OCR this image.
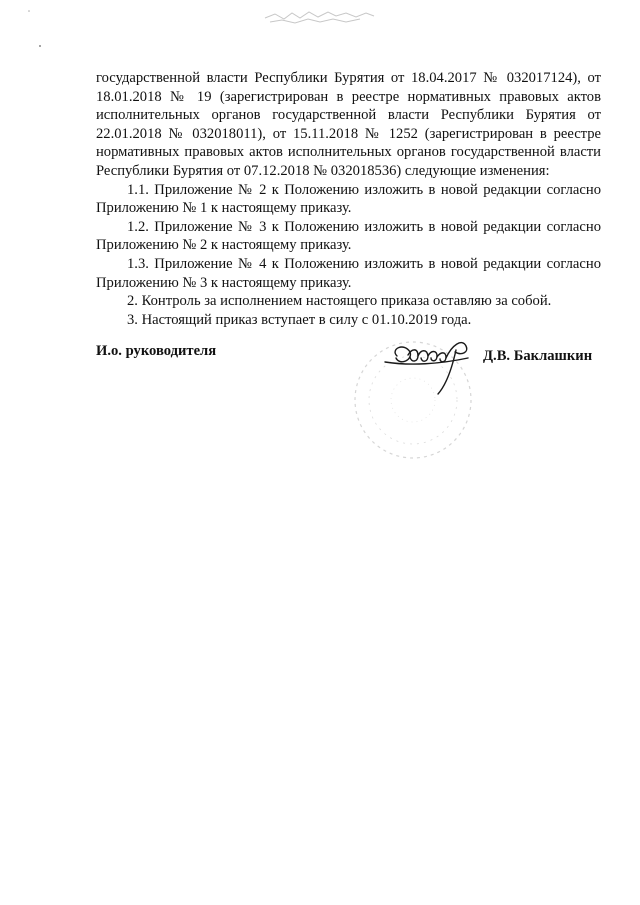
государственной власти Республики Бурятия от 18.04.2017 № 032017124), от 18.01.2018 № 19 (зарегистрирован в реестре нормативных правовых актов исполнительных органов государственной власти Республики Бурятия от 22.01.2018 № 032018011), от 15.11.2018 № 1252 (зарегистрирован в реестре нормативных правовых актов исполнительных органов государственной власти Республики Бурятия от 07.12.2018 № 032018536) следующие изменения:

1.1. Приложение № 2 к Положению изложить в новой редакции согласно Приложению № 1 к настоящему приказу.

1.2. Приложение № 3 к Положению изложить в новой редакции согласно Приложению № 2 к настоящему приказу.

1.3. Приложение № 4 к Положению изложить в новой редакции согласно Приложению № 3 к настоящему приказу.

2. Контроль за исполнением настоящего приказа оставляю за собой.

3. Настоящий приказ вступает в силу с 01.10.2019 года.

И.о. руководителя	Д.В. Баклашкин
